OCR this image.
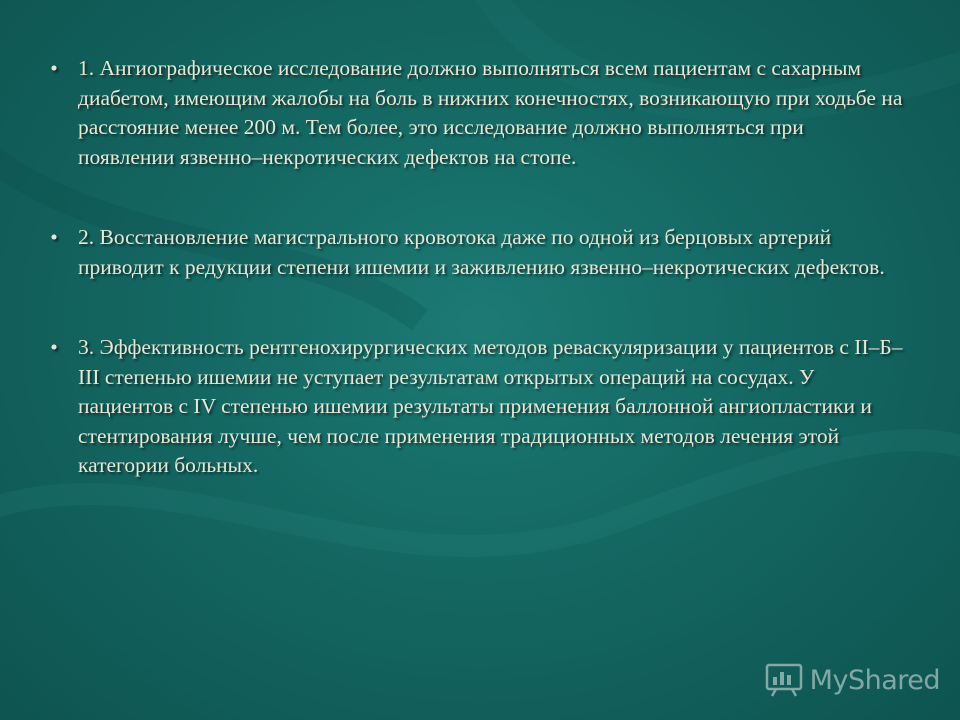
• 1. Ангиографическое исследование должно выполняться всем пациентам с сахарным диабетом, имеющим жалобы на боль в нижних конечностях, возникающую при ходьбе на расстояние менее 200 м. Тем более, это исследование должно выполняться при появлении язвенно–некротических дефектов на стопе.
• 2. Восстановление магистрального кровотока даже по одной из берцовых артерий приводит к редукции степени ишемии и заживлению язвенно–некротических дефектов.
• 3. Эффективность рентгенохирургических методов реваскуляризации у пациентов с II–Б–III степенью ишемии не уступает результатам открытых операций на сосудах. У пациентов с IV степенью ишемии результаты применения баллонной ангиопластики и стентирования лучше, чем после применения традиционных методов лечения этой категории больных.
MyShared
